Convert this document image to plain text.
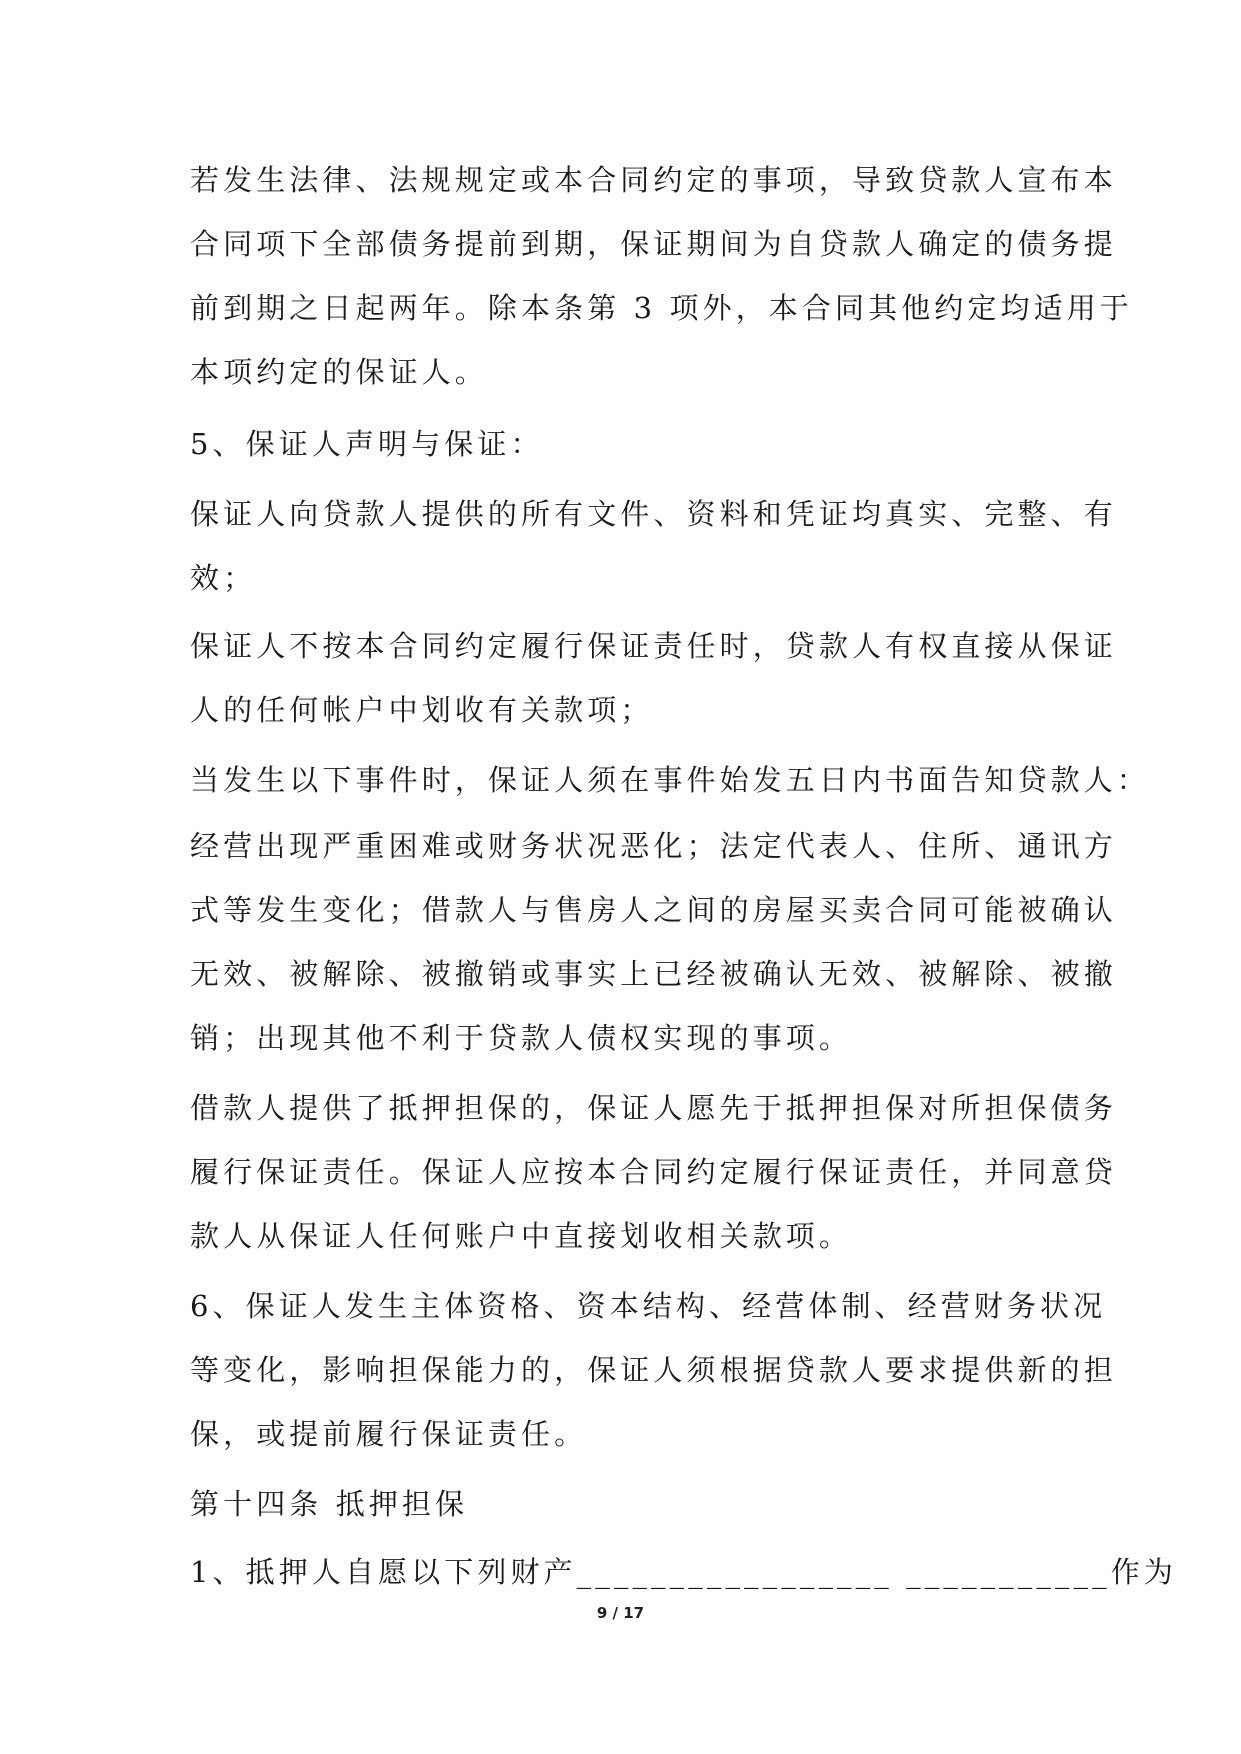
若发生法律、法规规定或本合同约定的事项，导致贷款人宣布本
合同项下全部债务提前到期，保证期间为自贷款人确定的债务提
前到期之日起两年。除本条第 3 项外，本合同其他约定均适用于
本项约定的保证人。
5、保证人声明与保证：
保证人向贷款人提供的所有文件、资料和凭证均真实、完整、有
效；
保证人不按本合同约定履行保证责任时，贷款人有权直接从保证
人的任何帐户中划收有关款项；
当发生以下事件时，保证人须在事件始发五日内书面告知贷款人：
经营出现严重困难或财务状况恶化；法定代表人、住所、通讯方
式等发生变化；借款人与售房人之间的房屋买卖合同可能被确认
无效、被解除、被撤销或事实上已经被确认无效、被解除、被撤
销；出现其他不利于贷款人债权实现的事项。
借款人提供了抵押担保的，保证人愿先于抵押担保对所担保债务
履行保证责任。保证人应按本合同约定履行保证责任，并同意贷
款人从保证人任何账户中直接划收相关款项。
6、保证人发生主体资格、资本结构、经营体制、经营财务状况
等变化，影响担保能力的，保证人须根据贷款人要求提供新的担
保，或提前履行保证责任。
第十四条 抵押担保
1、抵押人自愿以下列财产_________________ ___________作为
9 / 17
